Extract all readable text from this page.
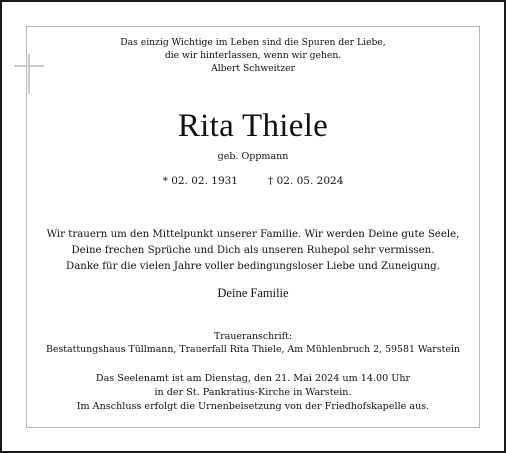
Das einzig Wichtige im Leben sind die Spuren der Liebe,
die wir hinterlassen, wenn wir gehen.
Albert Schweitzer
Rita Thiele
geb. Oppmann
* 02. 02. 1931	† 02. 05. 2024
Wir trauern um den Mittelpunkt unserer Familie. Wir werden Deine gute Seele,
Deine frechen Sprüche und Dich als unseren Ruhepol sehr vermissen.
Danke für die vielen Jahre voller bedingungsloser Liebe und Zuneigung.
Deine Familie
Traueranschrift:
Bestattungshaus Tüllmann, Trauerfall Rita Thiele, Am Mühlenbruch 2, 59581 Warstein
Das Seelenamt ist am Dienstag, den 21. Mai 2024 um 14.00 Uhr
in der St. Pankratius-Kirche in Warstein.
Im Anschluss erfolgt die Urnenbeisetzung von der Friedhofskapelle aus.
